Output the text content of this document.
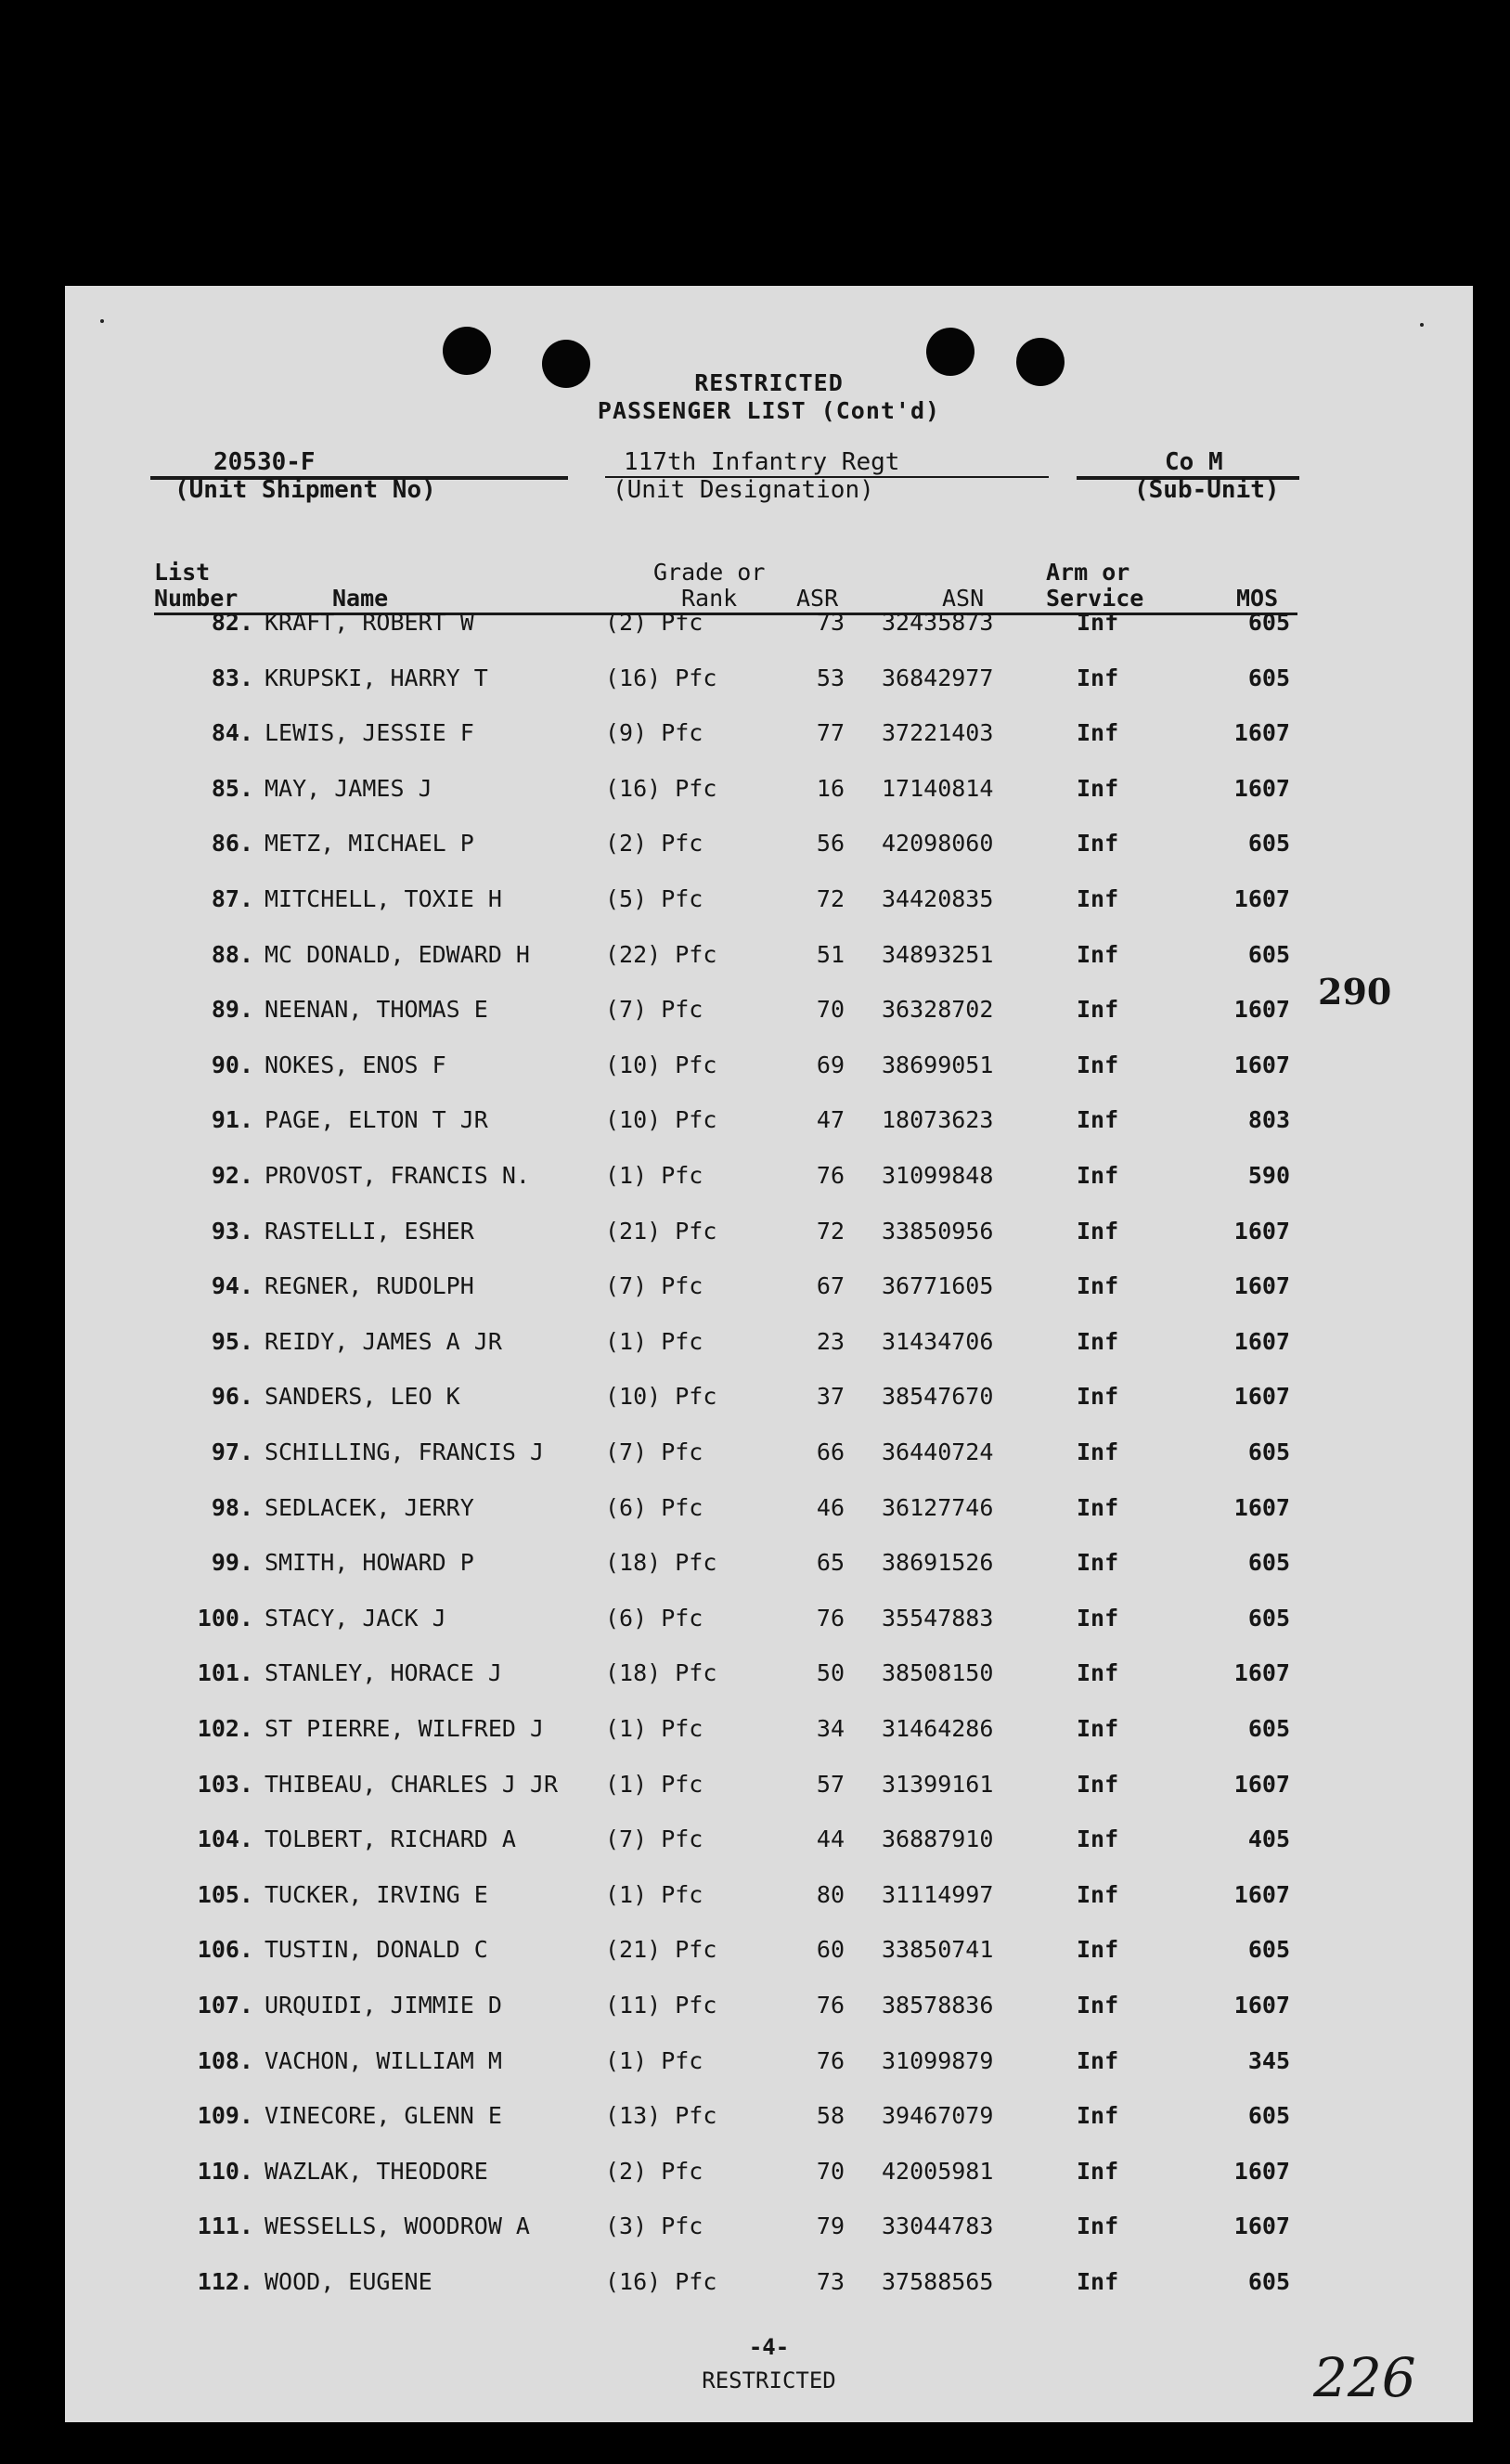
RESTRICTED
PASSENGER LIST (Cont'd)
20530-F
(Unit Shipment No)
117th Infantry Regt
(Unit Designation)
Co M
(Sub-Unit)
List
Number	Name
Grade or
Rank	ASR	ASN
Arm or
Service	MOS
82. KRAFT, ROBERT W	(2) Pfc	73 32435873	Inf	605
83. KRUPSKI, HARRY T	(16) Pfc	53 36842977	Inf	605
84. LEWIS, JESSIE F	(9) Pfc	77 37221403	Inf	1607
85. MAY, JAMES J	(16) Pfc	16 17140814	Inf	1607
86. METZ, MICHAEL P	(2) Pfc	56 42098060	Inf	605
87. MITCHELL, TOXIE H	(5) Pfc	72 34420835	Inf	1607
88. MC DONALD, EDWARD H	(22) Pfc	51 34893251	Inf	605
89. NEENAN, THOMAS E	(7) Pfc	70 36328702	Inf	1607
90. NOKES, ENOS F	(10) Pfc	69 38699051	Inf	1607
91. PAGE, ELTON T JR	(10) Pfc	47 18073623	Inf	803
92. PROVOST, FRANCIS N.	(1) Pfc	76 31099848	Inf	590
93. RASTELLI, ESHER	(21) Pfc	72 33850956	Inf	1607
94. REGNER, RUDOLPH	(7) Pfc	67 36771605	Inf	1607
95. REIDY, JAMES A JR	(1) Pfc	23 31434706	Inf	1607
96. SANDERS, LEO K	(10) Pfc	37 38547670	Inf	1607
97. SCHILLING, FRANCIS J	(7) Pfc	66 36440724	Inf	605
98. SEDLACEK, JERRY	(6) Pfc	46 36127746	Inf	1607
99. SMITH, HOWARD P	(18) Pfc	65 38691526	Inf	605
100. STACY, JACK J	(6) Pfc	76 35547883	Inf	605
101. STANLEY, HORACE J	(18) Pfc	50 38508150	Inf	1607
102. ST PIERRE, WILFRED J	(1) Pfc	34 31464286	Inf	605
103. THIBEAU, CHARLES J JR (1) Pfc	57 31399161	Inf	1607
104. TOLBERT, RICHARD A	(7) Pfc	44 36887910	Inf	405
105. TUCKER, IRVING E	(1) Pfc	80 31114997	Inf	1607
106. TUSTIN, DONALD C	(21) Pfc	60 33850741	Inf	605
107. URQUIDI, JIMMIE D	(11) Pfc	76 38578836	Inf	1607
108. VACHON, WILLIAM M	(1) Pfc	76 31099879	Inf	345
109. VINECORE, GLENN E	(13) Pfc	58 39467079	Inf	605
110. WAZLAK, THEODORE	(2) Pfc	70 42005981	Inf	1607
111. WESSELLS, WOODROW A	(3) Pfc	79 33044783	Inf	1607
112. WOOD, EUGENE	(16) Pfc	73 37588565	Inf	605
290
226
-4-
RESTRICTED
